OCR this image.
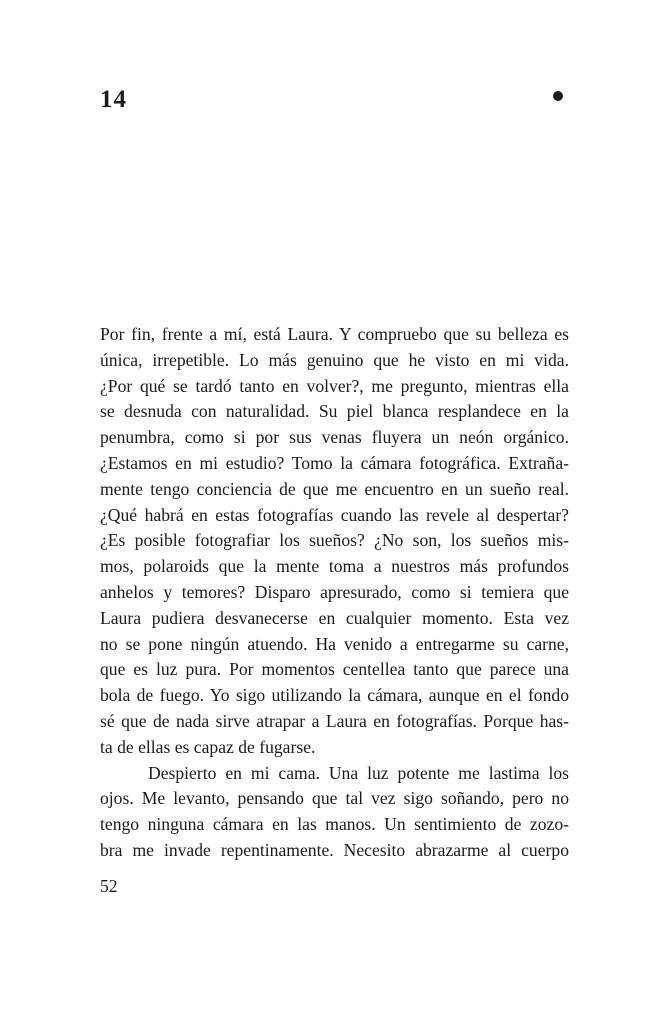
14
Por fin, frente a mí, está Laura. Y compruebo que su belleza es
única, irrepetible. Lo más genuino que he visto en mi vida.
¿Por qué se tardó tanto en volver?, me pregunto, mientras ella
se desnuda con naturalidad. Su piel blanca resplandece en la
penumbra, como si por sus venas fluyera un neón orgánico.
¿Estamos en mi estudio? Tomo la cámara fotográfica. Extraña-
mente tengo conciencia de que me encuentro en un sueño real.
¿Qué habrá en estas fotografías cuando las revele al despertar?
¿Es posible fotografiar los sueños? ¿No son, los sueños mis-
mos, polaroids que la mente toma a nuestros más profundos
anhelos y temores? Disparo apresurado, como si temiera que
Laura pudiera desvanecerse en cualquier momento. Esta vez
no se pone ningún atuendo. Ha venido a entregarme su carne,
que es luz pura. Por momentos centellea tanto que parece una
bola de fuego. Yo sigo utilizando la cámara, aunque en el fondo
sé que de nada sirve atrapar a Laura en fotografías. Porque has-
ta de ellas es capaz de fugarse.
Despierto en mi cama. Una luz potente me lastima los
ojos. Me levanto, pensando que tal vez sigo soñando, pero no
tengo ninguna cámara en las manos. Un sentimiento de zozo-
bra me invade repentinamente. Necesito abrazarme al cuerpo
52
